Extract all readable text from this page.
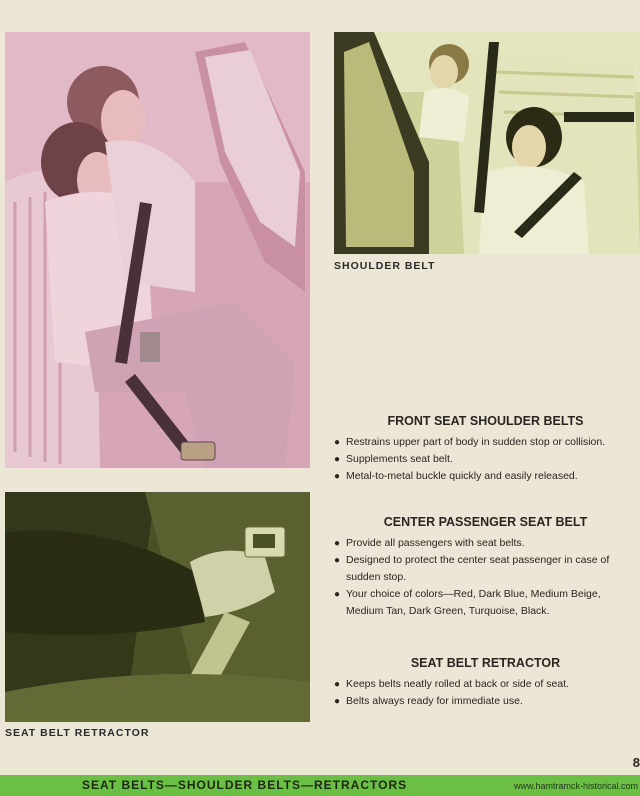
SHOULDER BELT
SEAT BELT RETRACTOR
FRONT SEAT SHOULDER BELTS
● Restrains upper part of body in sudden stop or collision.
● Supplements seat belt.
● Metal-to-metal buckle quickly and easily released.
CENTER PASSENGER SEAT BELT
● Provide all passengers with seat belts.
● Designed to protect the center seat passenger in case of sudden stop.
● Your choice of colors—Red, Dark Blue, Medium Beige, Medium Tan, Dark Green, Turquoise, Black.
SEAT BELT RETRACTOR
● Keeps belts neatly rolled at back or side of seat.
● Belts always ready for immediate use.
8
SEAT BELTS—SHOULDER BELTS—RETRACTORS	www.hamtramck-historical.com
